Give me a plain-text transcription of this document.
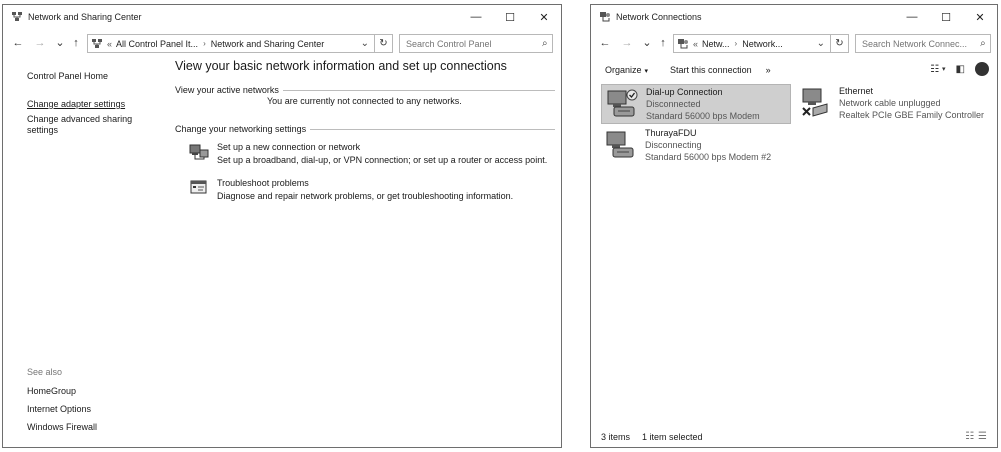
Network and Sharing Center	—	☐	✕
← → ⌄ ↑	« All Control Panel It... › Network and Sharing Center	⌄	↻
Search Control Panel	⌕
Control Panel Home
Change adapter settings
Change advanced sharing settings
See also
HomeGroup
Internet Options
Windows Firewall
View your basic network information and set up connections
View your active networks
You are currently not connected to any networks.
Change your networking settings
Set up a new connection or network
Set up a broadband, dial-up, or VPN connection; or set up a router or access point.
Troubleshoot problems
Diagnose and repair network problems, or get troubleshooting information.
Network Connections	—	☐	✕
← → ⌄ ↑	« Netw... › Network...	⌄	↻
Search Network Connec...	⌕
Organize ▾ Start this connection »	☷ ▾ ◧	?
Dial-up Connection
Disconnected
Standard 56000 bps Modem
Ethernet
Network cable unplugged
Realtek PCIe GBE Family Controller
ThurayaFDU
Disconnecting
Standard 56000 bps Modem #2
3 items 1 item selected	☷☰
